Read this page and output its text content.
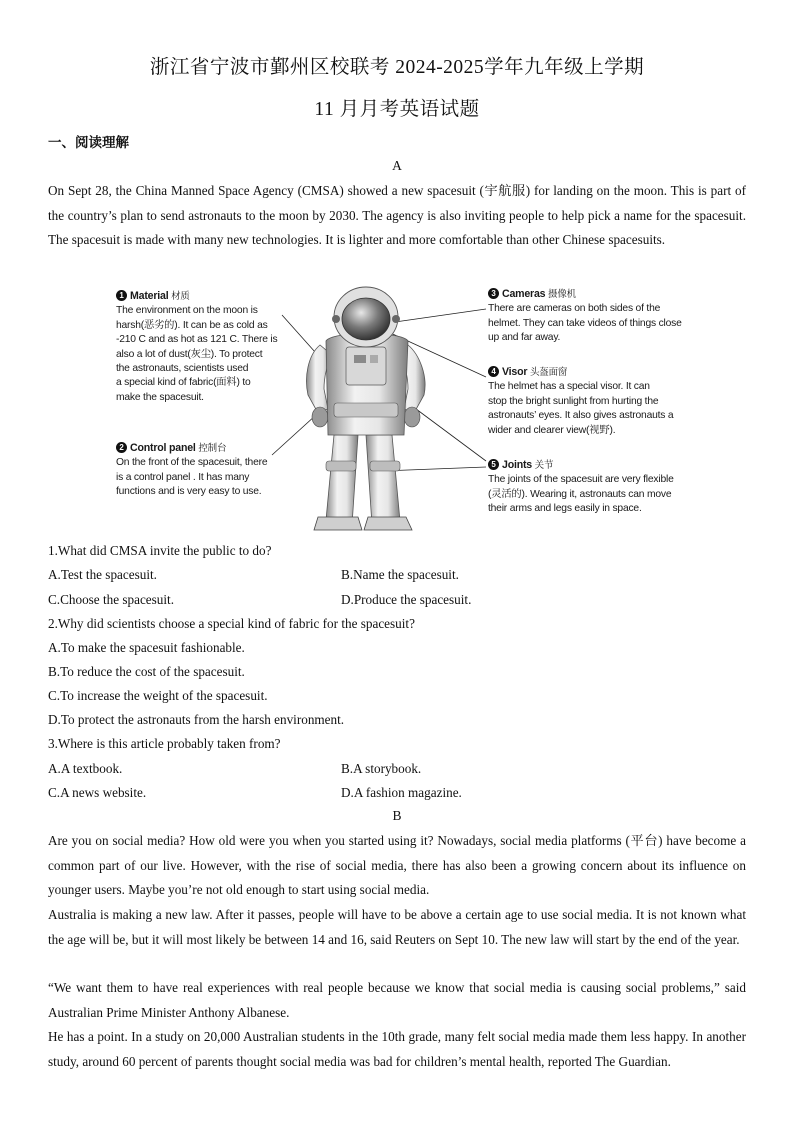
浙江省宁波市鄞州区校联考 2024-2025学年九年级上学期
11 月月考英语试题
一、阅读理解
A
On Sept 28, the China Manned Space Agency (CMSA) showed a new spacesuit (宇航服) for landing on the moon. This is part of the country’s plan to send astronauts to the moon by 2030. The agency is also inviting people to help pick a name for the spacesuit. The spacesuit is made with many new technologies. It is lighter and more comfortable than other Chinese spacesuits.
1 Material 材质
The environment on the moon is
harsh(恶劣的). It can be as cold as
-210 C and as hot as 121 C. There is
also a lot of dust(灰尘). To protect
the astronauts, scientists used
a special kind of fabric(面料) to
make the spacesuit.
2 Control panel 控制台
On the front of the spacesuit, there
is a control panel . It has many
functions and is very easy to use.
3 Cameras 摄像机
There are cameras on both sides of the
helmet. They can take videos of things close
up and far away.
4 Visor 头盔面窗
The helmet has a special visor. It can
stop the bright sunlight from hurting the
astronauts’ eyes. It also gives astronauts a
wider and clearer view(视野).
5 Joints 关节
The joints of the spacesuit are very flexible
(灵活的). Wearing it, astronauts can move
their arms and legs easily in space.
1.What did CMSA invite the public to do?
A.Test the spacesuit.	B.Name the spacesuit.
C.Choose the spacesuit.	D.Produce the spacesuit.
2.Why did scientists choose a special kind of fabric for the spacesuit?
A.To make the spacesuit fashionable.
B.To reduce the cost of the spacesuit.
C.To increase the weight of the spacesuit.
D.To protect the astronauts from the harsh environment.
3.Where is this article probably taken from?
A.A textbook.	B.A storybook.
C.A news website.	D.A fashion magazine.
B
Are you on social media? How old were you when you started using it? Nowadays, social media platforms (平台) have become a common part of our live. However, with the rise of social media, there has also been a growing concern about its influence on younger users. Maybe you’re not old enough to start using social media.
Australia is making a new law. After it passes, people will have to be above a certain age to use social media. It is not known what the age will be, but it will most likely be between 14 and 16, said Reuters on Sept 10. The new law will start by the end of the year.
“We want them to have real experiences with real people because we know that social media is causing social problems,” said Australian Prime Minister Anthony Albanese.
He has a point. In a study on 20,000 Australian students in the 10th grade, many felt social media made them less happy. In another study, around 60 percent of parents thought social media was bad for children’s mental health, reported The Guardian.
